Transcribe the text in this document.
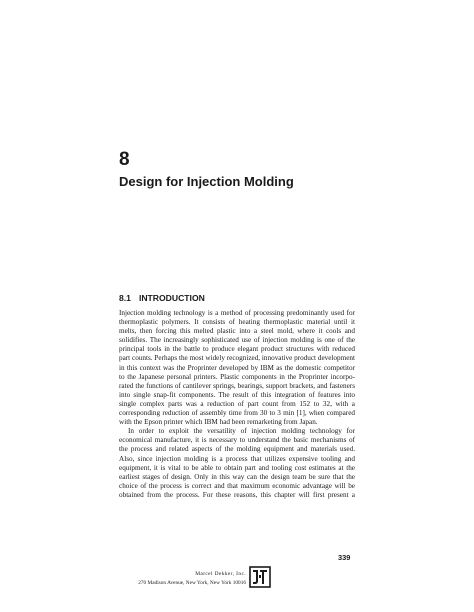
8
Design for Injection Molding
8.1 INTRODUCTION

Injection molding technology is a method of processing predominantly used for

thermoplastic polymers. It consists of heating thermoplastic material until it

melts, then forcing this melted plastic into a steel mold, where it cools and

solidifies. The increasingly sophisticated use of injection molding is one of the

principal tools in the battle to produce elegant product structures with reduced

part counts. Perhaps the most widely recognized, innovative product development

in this context was the Proprinter developed by IBM as the domestic competitor

to the Japanese personal printers. Plastic components in the Proprinter incorpo-

rated the functions of cantilever springs, bearings, support brackets, and fasteners

into single snap-fit components. The result of this integration of features into

single complex parts was a reduction of part count from 152 to 32, with a

corresponding reduction of assembly time from 30 to 3 min [1], when compared

with the Epson printer which IBM had been remarketing from Japan.

In order to exploit the versatility of injection molding technology for

economical manufacture, it is necessary to understand the basic mechanisms of

the process and related aspects of the molding equipment and materials used.

Also, since injection molding is a process that utilizes expensive tooling and

equipment, it is vital to be able to obtain part and tooling cost estimates at the

earliest stages of design. Only in this way can the design team be sure that the

choice of the process is correct and that maximum economic advantage will be

obtained from the process. For these reasons, this chapter will first present a

339
Marcel Dekker, Inc.
270 Madison Avenue, New York, New York 10016
